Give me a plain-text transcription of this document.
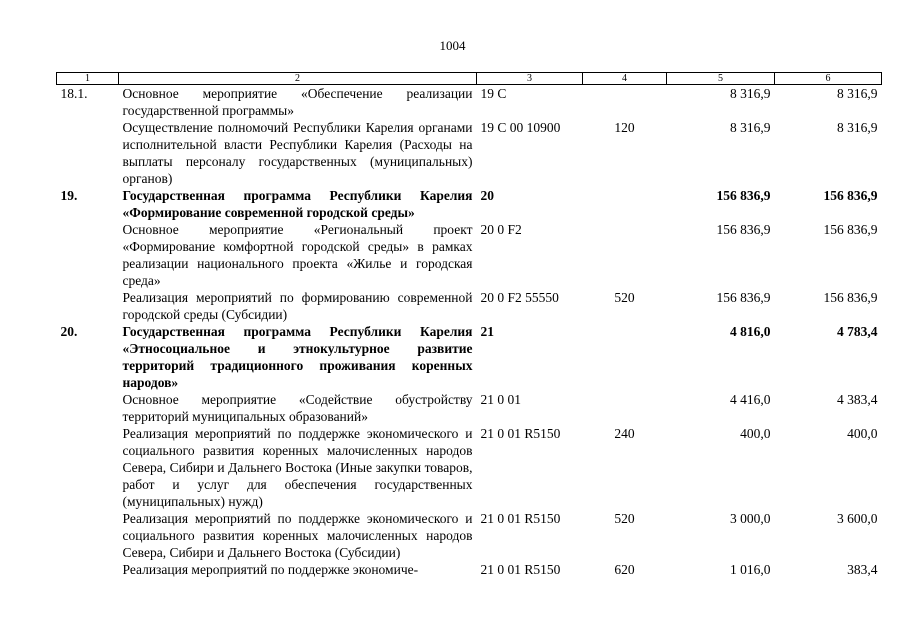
1004
1	2	3	4	5	6
18.1.	Основное мероприятие «Обеспечение реализации государственной программы»	19 С		8 316,9	8 316,9
	Осуществление полномочий Республики Карелия органами исполнительной власти Республики Карелия (Расходы на выплаты персоналу государственных (муниципальных) органов)	19 С 00 10900	120	8 316,9	8 316,9
19.	Государственная программа Республики Карелия «Формирование современной городской среды»	20		156 836,9	156 836,9
	Основное мероприятие «Региональный проект «Формирование комфортной городской среды» в рамках реализации национального проекта «Жилье и городская среда»	20 0 F2		156 836,9	156 836,9
	Реализация мероприятий по формированию современной городской среды (Субсидии)	20 0 F2 55550	520	156 836,9	156 836,9
20.	Государственная программа Республики Карелия «Этносоциальное и этнокультурное развитие территорий традиционного проживания коренных народов»	21		4 816,0	4 783,4
	Основное мероприятие «Содействие обустройству территорий муниципальных образований»	21 0 01		4 416,0	4 383,4
	Реализация мероприятий по поддержке экономического и социального развития коренных малочисленных народов Севера, Сибири и Дальнего Востока (Иные закупки товаров, работ и услуг для обеспечения государственных (муниципальных) нужд)	21 0 01 R5150	240	400,0	400,0
	Реализация мероприятий по поддержке экономического и социального развития коренных малочисленных народов Севера, Сибири и Дальнего Востока (Субсидии)	21 0 01 R5150	520	3 000,0	3 600,0
	Реализация мероприятий по поддержке экономиче-	21 0 01 R5150	620	1 016,0	383,4
